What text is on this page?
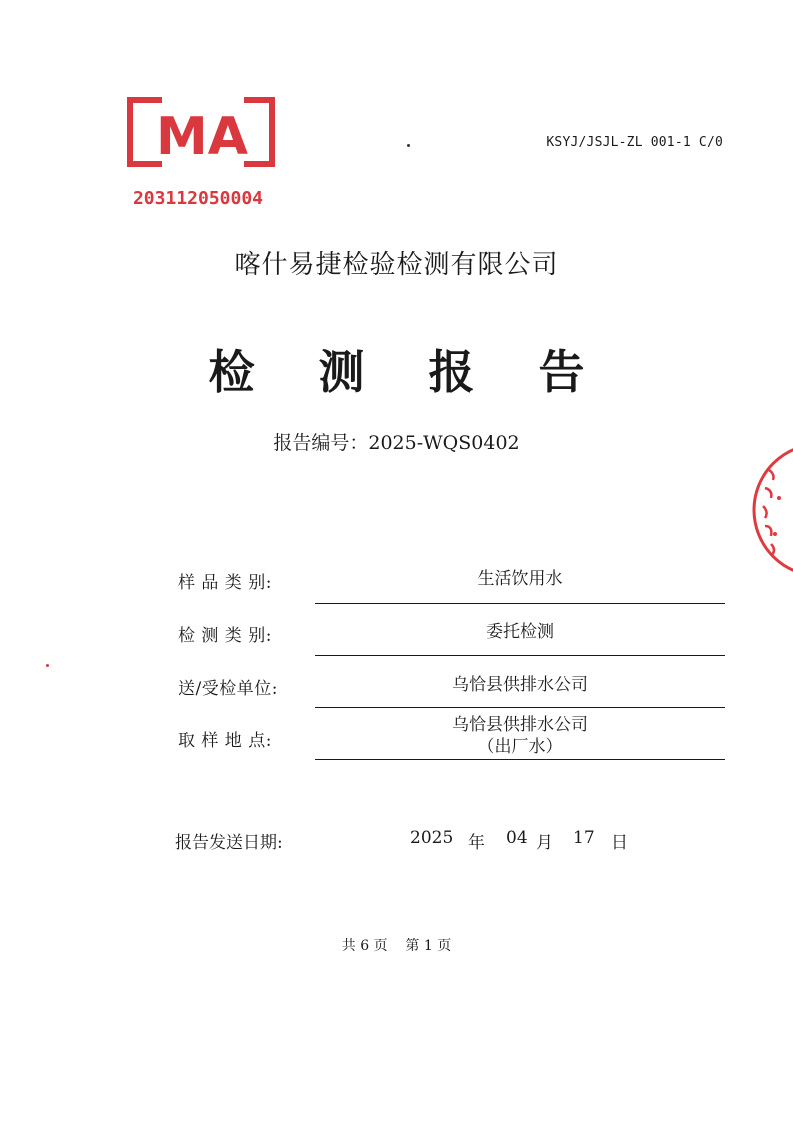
MA
203112050004
KSYJ/JSJL-ZL 001-1 C/0
喀什易捷检验检测有限公司
检 测 报 告
报告编号：2025-WQS0402
样 品 类 别:	生活饮用水
检 测 类 别:	委托检测
送/受检单位:	乌恰县供排水公司
取 样 地 点:
乌恰县供排水公司
（出厂水）
报告发送日期:	2025 年 04 月 17 日
共 6 页 第 1 页
